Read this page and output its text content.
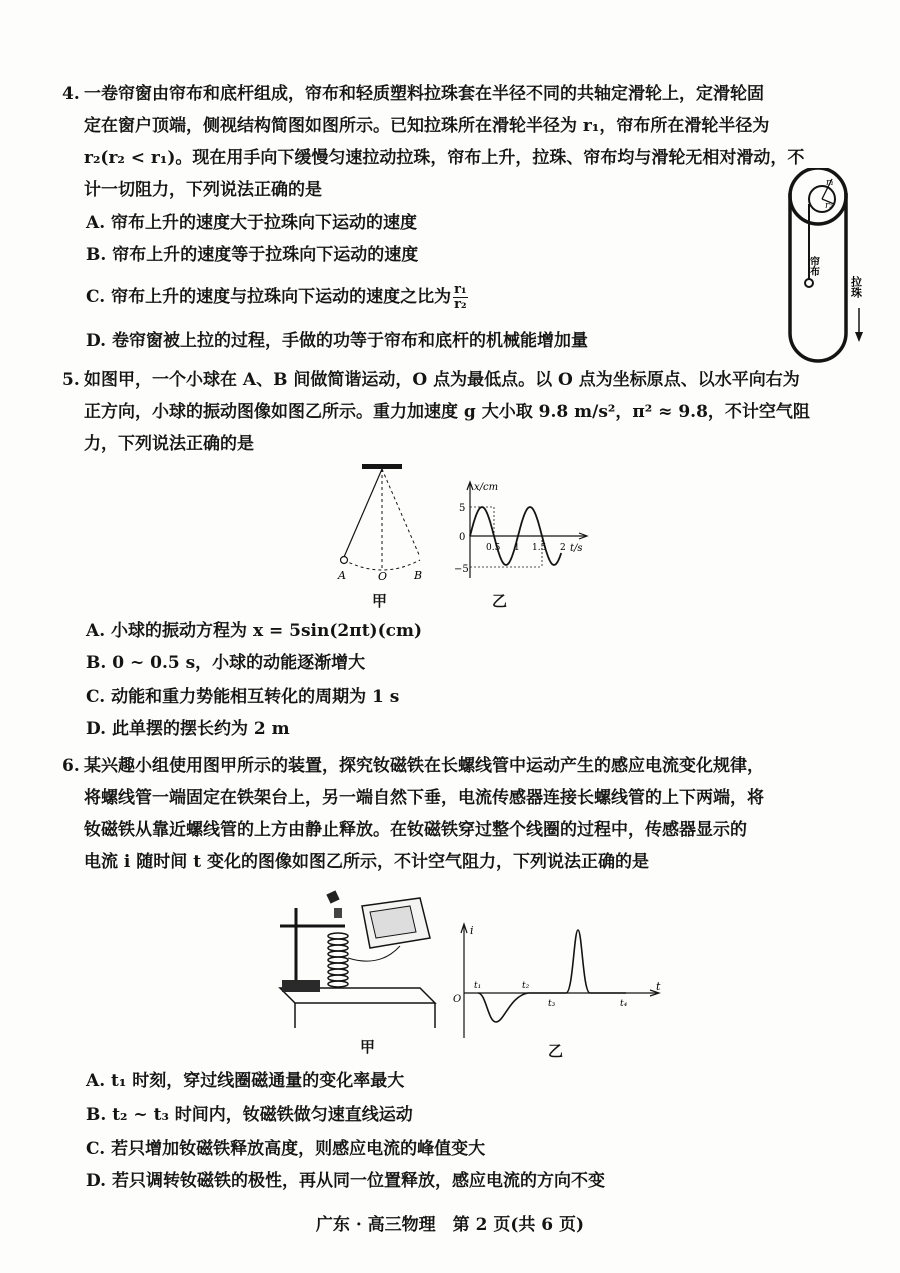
4. 一卷帘窗由帘布和底杆组成，帘布和轻质塑料拉珠套在半径不同的共轴定滑轮上，定滑轮固
定在窗户顶端，侧视结构简图如图所示。已知拉珠所在滑轮半径为 r₁，帘布所在滑轮半径为
r₂(r₂ < r₁)。现在用手向下缓慢匀速拉动拉珠，帘布上升，拉珠、帘布均与滑轮无相对滑动，不
计一切阻力，下列说法正确的是
A. 帘布上升的速度大于拉珠向下运动的速度
B. 帘布上升的速度等于拉珠向下运动的速度
C. 帘布上升的速度与拉珠向下运动的速度之比为 $\frac{\text{r₁}}{\text{r₂}}$
D. 卷帘窗被上拉的过程，手做的功等于帘布和底杆的机械能增加量
r₁
r₂
帘布
拉珠
5. 如图甲，一个小球在 A、B 间做简谐运动，O 点为最低点。以 O 点为坐标原点、以水平向右为
正方向，小球的振动图像如图乙所示。重力加速度 g 大小取 9.8 m/s²，π² ≈ 9.8，不计空气阻
力，下列说法正确的是
A	O B
甲
x/cm
t/s
0
5
−5
0.5 1 1.5 2
乙
A. 小球的振动方程为 x = 5sin(2πt)(cm)
B. 0 ~ 0.5 s，小球的动能逐渐增大
C. 动能和重力势能相互转化的周期为 1 s
D. 此单摆的摆长约为 2 m
6. 某兴趣小组使用图甲所示的装置，探究钕磁铁在长螺线管中运动产生的感应电流变化规律，
将螺线管一端固定在铁架台上，另一端自然下垂，电流传感器连接长螺线管的上下两端，将
钕磁铁从靠近螺线管的上方由静止释放。在钕磁铁穿过整个线圈的过程中，传感器显示的
电流 i 随时间 t 变化的图像如图乙所示，不计空气阻力，下列说法正确的是
甲
i
t
O
t₁	t₂
t₃	t₄
乙
A. t₁ 时刻，穿过线圈磁通量的变化率最大
B. t₂ ~ t₃ 时间内，钕磁铁做匀速直线运动
C. 若只增加钕磁铁释放高度，则感应电流的峰值变大
D. 若只调转钕磁铁的极性，再从同一位置释放，感应电流的方向不变
广东 · 高三物理　第 2 页(共 6 页)
